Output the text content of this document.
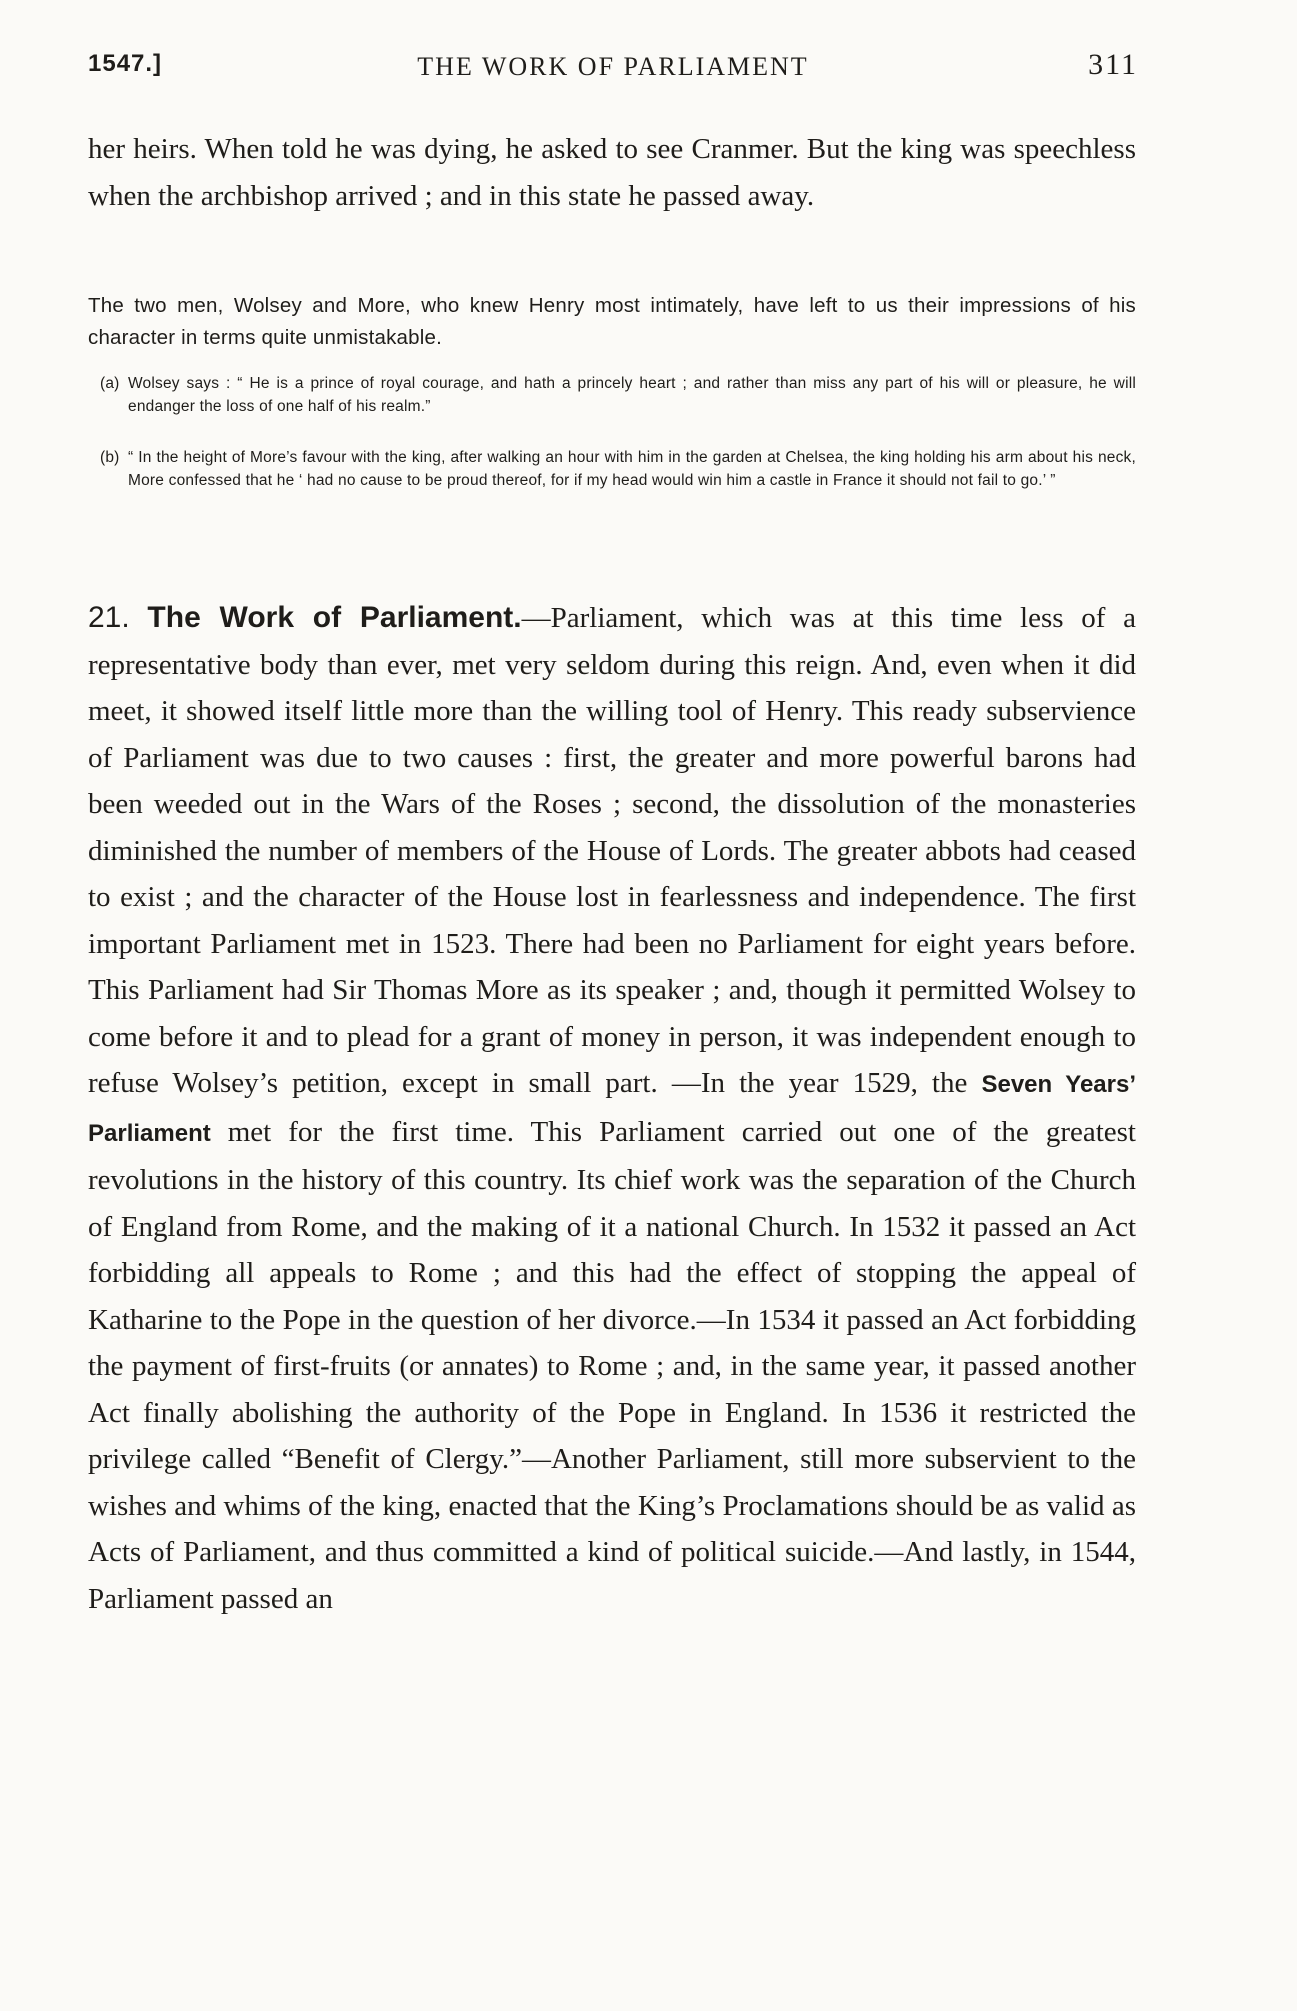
1547.]	THE WORK OF PARLIAMENT	311

her heirs. When told he was dying, he asked to see Cranmer. But the king was speechless when the archbishop arrived ; and in this state he passed away.

The two men, Wolsey and More, who knew Henry most intimately, have left to us their impressions of his character in terms quite unmistakable.

(a) Wolsey says : “ He is a prince of royal courage, and hath a princely heart ; and rather than miss any part of his will or pleasure, he will endanger the loss of one half of his realm.”
(b) “ In the height of More’s favour with the king, after walking an hour with him in the garden at Chelsea, the king holding his arm about his neck, More confessed that he ‘ had no cause to be proud thereof, for if my head would win him a castle in France it should not fail to go.’ ”

21. The Work of Parliament.—Parliament, which was at this time less of a representative body than ever, met very seldom during this reign. And, even when it did meet, it showed itself little more than the willing tool of Henry. This ready subservience of Parliament was due to two causes : first, the greater and more powerful barons had been weeded out in the Wars of the Roses ; second, the dissolution of the monasteries diminished the number of members of the House of Lords. The greater abbots had ceased to exist ; and the character of the House lost in fearlessness and independence. The first important Parliament met in 1523. There had been no Parliament for eight years before. This Parliament had Sir Thomas More as its speaker ; and, though it permitted Wolsey to come before it and to plead for a grant of money in person, it was independent enough to refuse Wolsey’s petition, except in small part. —In the year 1529, the Seven Years’ Parliament met for the first time. This Parliament carried out one of the greatest revolutions in the history of this country. Its chief work was the separation of the Church of England from Rome, and the making of it a national Church. In 1532 it passed an Act forbidding all appeals to Rome ; and this had the effect of stopping the appeal of Katharine to the Pope in the question of her divorce.—In 1534 it passed an Act forbidding the payment of first-fruits (or annates) to Rome ; and, in the same year, it passed another Act finally abolishing the authority of the Pope in England. In 1536 it restricted the privilege called “Benefit of Clergy.”—Another Parliament, still more subservient to the wishes and whims of the king, enacted that the King’s Proclamations should be as valid as Acts of Parliament, and thus committed a kind of political suicide.—And lastly, in 1544, Parliament passed an
